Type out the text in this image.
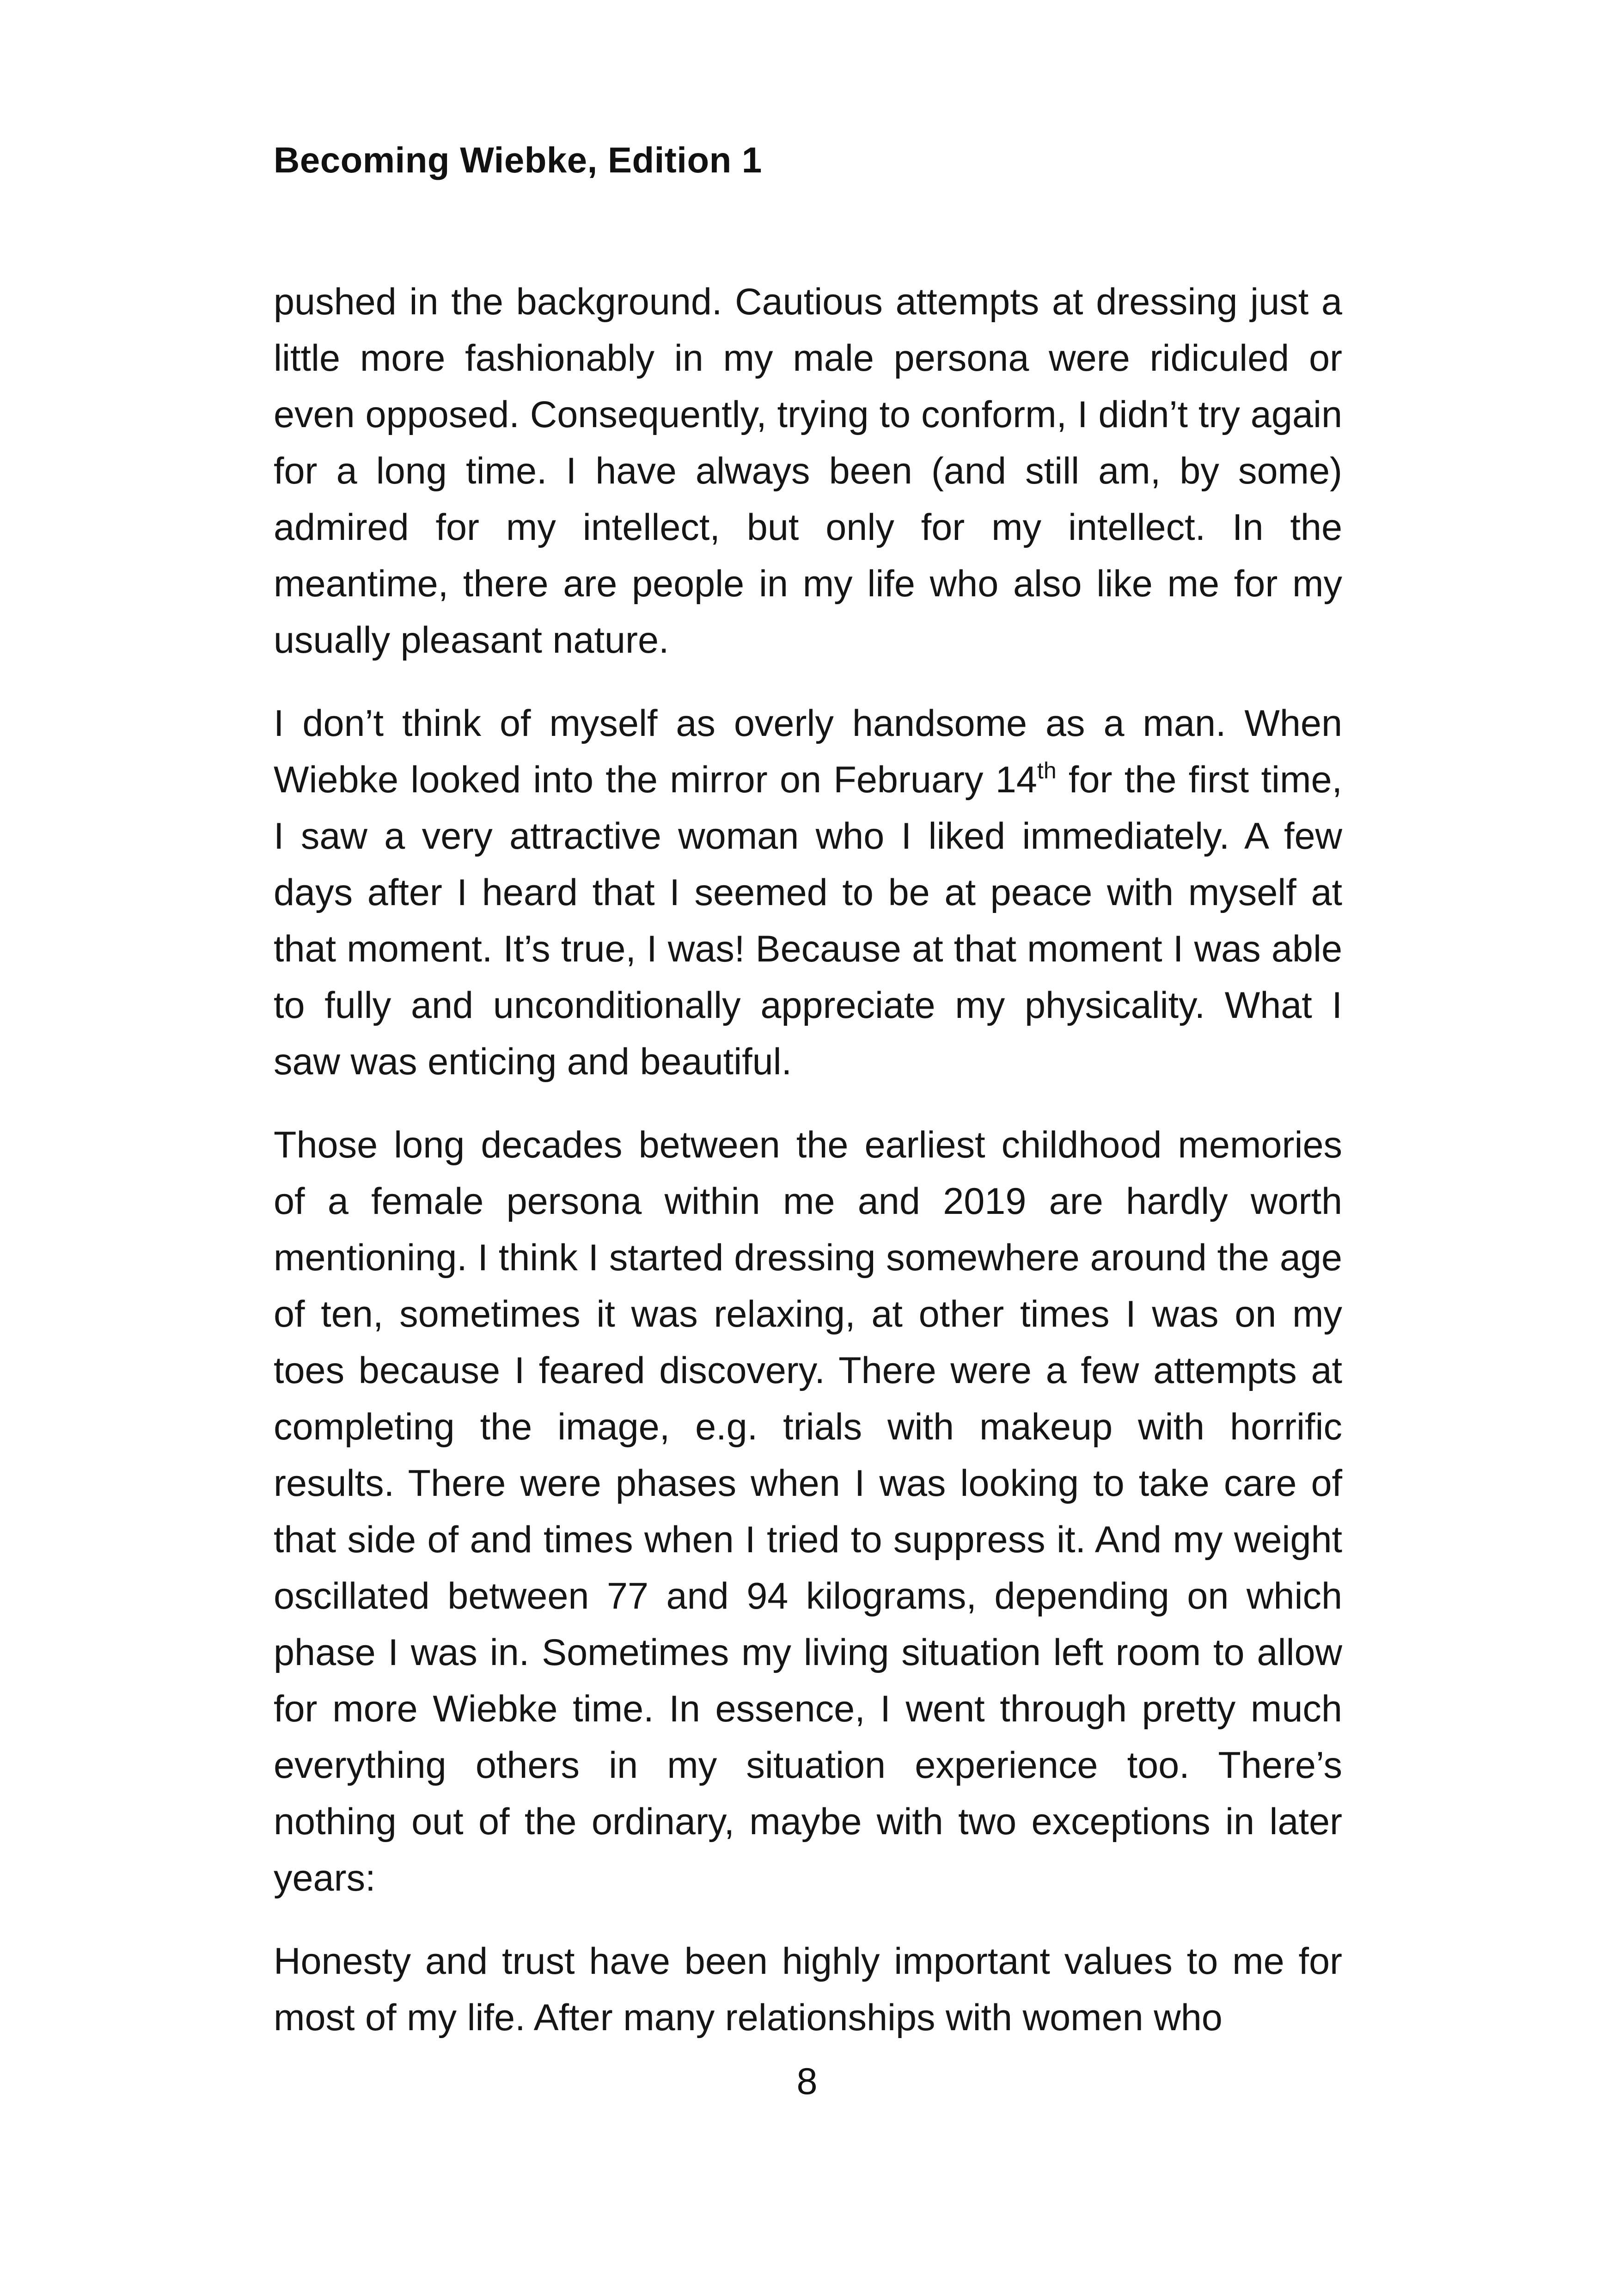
Becoming Wiebke, Edition 1

pushed in the background. Cautious attempts at dressing just a little more fashionably in my male persona were ridiculed or even opposed. Consequently, trying to conform, I didn’t try again for a long time. I have always been (and still am, by some) admired for my intellect, but only for my intellect. In the meantime, there are people in my life who also like me for my usually pleasant nature.

I don’t think of myself as overly handsome as a man. When Wiebke looked into the mirror on February 14th for the first time, I saw a very attractive woman who I liked immediately. A few days after I heard that I seemed to be at peace with myself at that moment. It’s true, I was! Because at that moment I was able to fully and unconditionally appreciate my physicality. What I saw was enticing and beautiful.

Those long decades between the earliest childhood memories of a female persona within me and 2019 are hardly worth mentioning. I think I started dressing somewhere around the age of ten, sometimes it was relaxing, at other times I was on my toes because I feared discovery. There were a few attempts at completing the image, e.g. trials with makeup with horrific results. There were phases when I was looking to take care of that side of and times when I tried to suppress it. And my weight oscillated between 77 and 94 kilograms, depending on which phase I was in. Sometimes my living situation left room to allow for more Wiebke time. In essence, I went through pretty much everything others in my situation experience too. There’s nothing out of the ordinary, maybe with two exceptions in later years:

Honesty and trust have been highly important values to me for most of my life. After many relationships with women who

8
